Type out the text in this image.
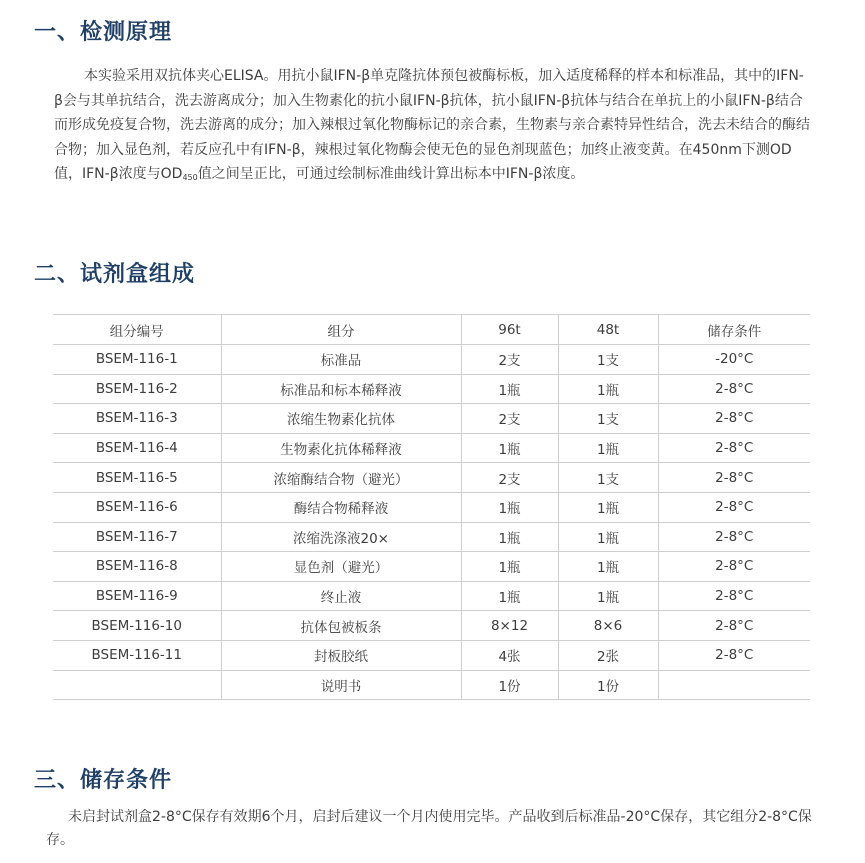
一、检测原理

本实验采用双抗体夹心ELISA。用抗小鼠IFN-β单克隆抗体预包被酶标板，加入适度稀释的样本和标准品，其中的IFN-β会与其单抗结合，洗去游离成分；加入生物素化的抗小鼠IFN-β抗体，抗小鼠IFN-β抗体与结合在单抗上的小鼠IFN-β结合而形成免疫复合物，洗去游离的成分；加入辣根过氧化物酶标记的亲合素，生物素与亲合素特异性结合，洗去未结合的酶结合物；加入显色剂，若反应孔中有IFN-β，辣根过氧化物酶会使无色的显色剂现蓝色；加终止液变黄。在450nm下测OD值，IFN-β浓度与$OD_{450}$值之间呈正比，可通过绘制标准曲线计算出标本中IFN-β浓度。

二、试剂盒组成
组分编号	组分	96t	48t	储存条件
BSEM-116-1	标准品	2支	1支	-20°C
BSEM-116-2	标准品和标本稀释液	1瓶	1瓶	2-8°C
BSEM-116-3	浓缩生物素化抗体	2支	1支	2-8°C
BSEM-116-4	生物素化抗体稀释液	1瓶	1瓶	2-8°C
BSEM-116-5	浓缩酶结合物（避光）	2支	1支	2-8°C
BSEM-116-6	酶结合物稀释液	1瓶	1瓶	2-8°C
BSEM-116-7	浓缩洗涤液20×	1瓶	1瓶	2-8°C
BSEM-116-8	显色剂（避光）	1瓶	1瓶	2-8°C
BSEM-116-9	终止液	1瓶	1瓶	2-8°C
BSEM-116-10	抗体包被板条	8×12	8×6	2-8°C
BSEM-116-11	封板胶纸	4张	2张	2-8°C
	说明书	1份	1份	
三、储存条件

未启封试剂盒2-8°C保存有效期6个月，启封后建议一个月内使用完毕。产品收到后标准品-20°C保存，其它组分2-8°C保存。
